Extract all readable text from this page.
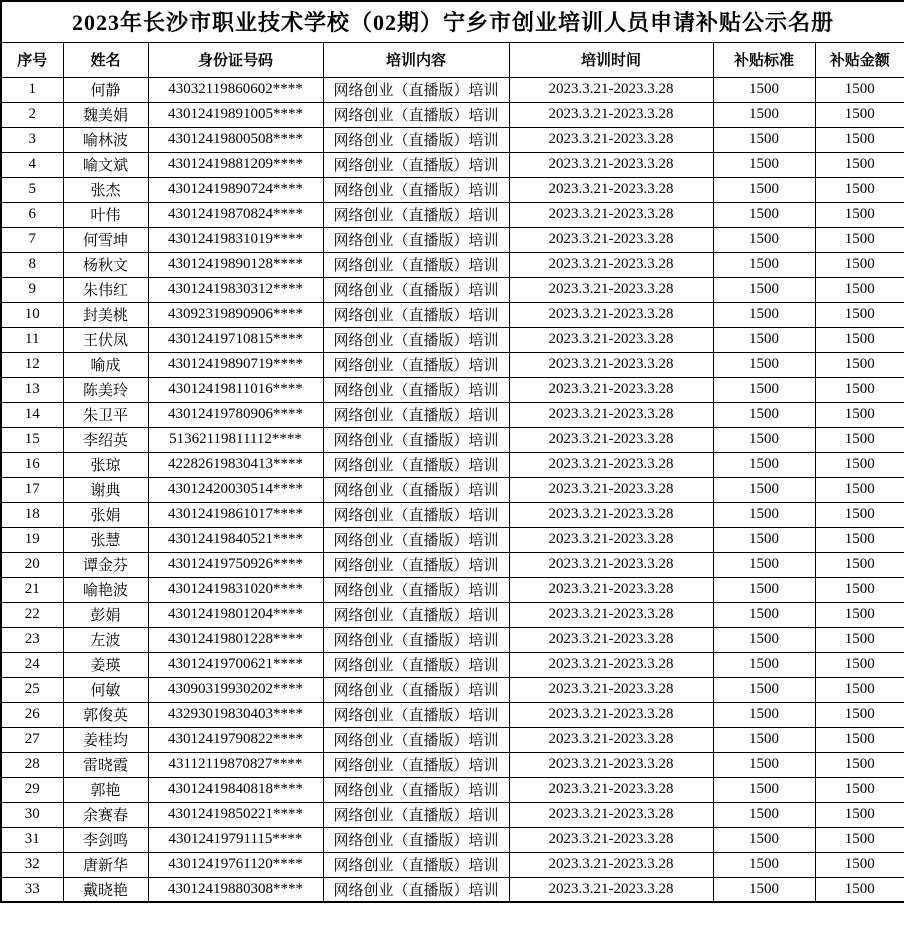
2023年长沙市职业技术学校（02期）宁乡市创业培训人员申请补贴公示名册						
序号	姓名	身份证号码	培训内容	培训时间	补贴标准	补贴金额
1	何静	43032119860602****	网络创业（直播版）培训	2023.3.21-2023.3.28	1500	1500
2	魏美娟	43012419891005****	网络创业（直播版）培训	2023.3.21-2023.3.28	1500	1500
3	喻林波	43012419800508****	网络创业（直播版）培训	2023.3.21-2023.3.28	1500	1500
4	喻文斌	43012419881209****	网络创业（直播版）培训	2023.3.21-2023.3.28	1500	1500
5	张杰	43012419890724****	网络创业（直播版）培训	2023.3.21-2023.3.28	1500	1500
6	叶伟	43012419870824****	网络创业（直播版）培训	2023.3.21-2023.3.28	1500	1500
7	何雪坤	43012419831019****	网络创业（直播版）培训	2023.3.21-2023.3.28	1500	1500
8	杨秋文	43012419890128****	网络创业（直播版）培训	2023.3.21-2023.3.28	1500	1500
9	朱伟红	43012419830312****	网络创业（直播版）培训	2023.3.21-2023.3.28	1500	1500
10	封美桃	43092319890906****	网络创业（直播版）培训	2023.3.21-2023.3.28	1500	1500
11	王伏凤	43012419710815****	网络创业（直播版）培训	2023.3.21-2023.3.28	1500	1500
12	喻成	43012419890719****	网络创业（直播版）培训	2023.3.21-2023.3.28	1500	1500
13	陈美玲	43012419811016****	网络创业（直播版）培训	2023.3.21-2023.3.28	1500	1500
14	朱卫平	43012419780906****	网络创业（直播版）培训	2023.3.21-2023.3.28	1500	1500
15	李绍英	51362119811112****	网络创业（直播版）培训	2023.3.21-2023.3.28	1500	1500
16	张琼	42282619830413****	网络创业（直播版）培训	2023.3.21-2023.3.28	1500	1500
17	谢典	43012420030514****	网络创业（直播版）培训	2023.3.21-2023.3.28	1500	1500
18	张娟	43012419861017****	网络创业（直播版）培训	2023.3.21-2023.3.28	1500	1500
19	张慧	43012419840521****	网络创业（直播版）培训	2023.3.21-2023.3.28	1500	1500
20	谭金芬	43012419750926****	网络创业（直播版）培训	2023.3.21-2023.3.28	1500	1500
21	喻艳波	43012419831020****	网络创业（直播版）培训	2023.3.21-2023.3.28	1500	1500
22	彭娟	43012419801204****	网络创业（直播版）培训	2023.3.21-2023.3.28	1500	1500
23	左波	43012419801228****	网络创业（直播版）培训	2023.3.21-2023.3.28	1500	1500
24	姜瑛	43012419700621****	网络创业（直播版）培训	2023.3.21-2023.3.28	1500	1500
25	何敏	43090319930202****	网络创业（直播版）培训	2023.3.21-2023.3.28	1500	1500
26	郭俊英	43293019830403****	网络创业（直播版）培训	2023.3.21-2023.3.28	1500	1500
27	姜桂均	43012419790822****	网络创业（直播版）培训	2023.3.21-2023.3.28	1500	1500
28	雷晓霞	43112119870827****	网络创业（直播版）培训	2023.3.21-2023.3.28	1500	1500
29	郭艳	43012419840818****	网络创业（直播版）培训	2023.3.21-2023.3.28	1500	1500
30	余赛春	43012419850221****	网络创业（直播版）培训	2023.3.21-2023.3.28	1500	1500
31	李剑鸣	43012419791115****	网络创业（直播版）培训	2023.3.21-2023.3.28	1500	1500
32	唐新华	43012419761120****	网络创业（直播版）培训	2023.3.21-2023.3.28	1500	1500
33	戴晓艳	43012419880308****	网络创业（直播版）培训	2023.3.21-2023.3.28	1500	1500
